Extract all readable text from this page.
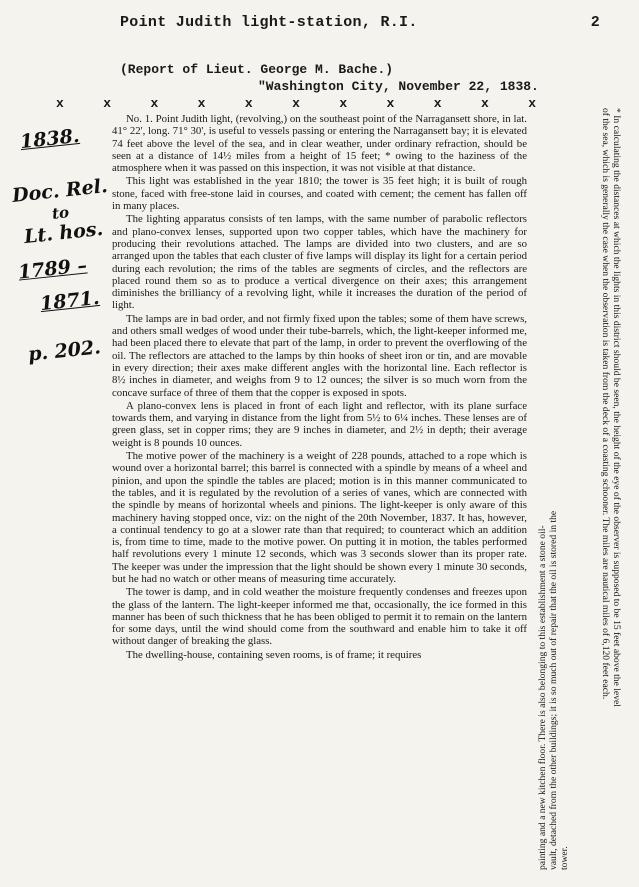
Point Judith light-station, R.I.	2
(Report of Lieut. George M. Bache.)
"Washington City, November 22, 1838.
x	x	x	x	x	x	x	x	x	x	x
1838.
Doc. Rel.
to
Lt. hos.
1789 –
1871.
p. 202.

No. 1. Point Judith light, (revolving,) on the southeast point of the Narragansett shore, in lat. 41° 22', long. 71° 30', is useful to vessels passing or entering the Narragansett bay; it is elevated 74 feet above the level of the sea, and in clear weather, under ordinary refraction, should be seen at a distance of 14½ miles from a height of 15 feet; * owing to the haziness of the atmosphere when it was passed on this inspection, it was not visible at that distance.

This light was established in the year 1810; the tower is 35 feet high; it is built of rough stone, faced with free-stone laid in courses, and coated with cement; the cement has fallen off in many places.

The lighting apparatus consists of ten lamps, with the same number of parabolic reflectors and plano-convex lenses, supported upon two copper tables, which have the machinery for producing their revolutions attached. The lamps are divided into two clusters, and are so arranged upon the tables that each cluster of five lamps will display its light for a certain period during each revolution; the rims of the tables are segments of circles, and the reflectors are placed round them so as to produce a vertical divergence on their axes; this arrangement diminishes the brilliancy of a revolving light, while it increases the duration of the period of light.

The lamps are in bad order, and not firmly fixed upon the tables; some of them have screws, and others small wedges of wood under their tube-barrels, which, the light-keeper informed me, had been placed there to elevate that part of the lamp, in order to prevent the overflowing of the oil. The reflectors are attached to the lamps by thin hooks of sheet iron or tin, and are movable in every direction; their axes make different angles with the horizontal line. Each reflector is 8½ inches in diameter, and weighs from 9 to 12 ounces; the silver is so much worn from the concave surface of three of them that the copper is exposed in spots.

A plano-convex lens is placed in front of each light and reflector, with its plane surface towards them, and varying in distance from the light from 5½ to 6¼ inches. These lenses are of green glass, set in copper rims; they are 9 inches in diameter, and 2½ in depth; their average weight is 8 pounds 10 ounces.

The motive power of the machinery is a weight of 228 pounds, attached to a rope which is wound over a horizontal barrel; this barrel is connected with a spindle by means of a wheel and pinion, and upon the spindle the tables are placed; motion is in this manner communicated to the tables, and it is regulated by the revolution of a series of vanes, which are connected with the spindle by means of horizontal wheels and pinions. The light-keeper is only aware of this machinery having stopped once, viz: on the night of the 20th November, 1837. It has, however, a continual tendency to go at a slower rate than that required; to counteract which an addition is, from time to time, made to the motive power. On putting it in motion, the tables performed half revolutions every 1 minute 12 seconds, which was 3 seconds slower than its proper rate. The keeper was under the impression that the light should be shown every 1 minute 30 seconds, but he had no watch or other means of measuring time accurately.

The tower is damp, and in cold weather the moisture frequently condenses and freezes upon the glass of the lantern. The light-keeper informed me that, occasionally, the ice formed in this manner has been of such thickness that he has been obliged to permit it to remain on the lantern for some days, until the wind should come from the southward and enable him to take it off without danger of breaking the glass.

The dwelling-house, containing seven rooms, is of frame; it requires	* In calculating the distances at which the lights in this district should be seen, the height of the eye of the observer is supposed to be 15 feet above the level of the sea, which is generally the case when the observation is taken from the deck of a coasting schooner. The miles are nautical miles of 6,120 feet each.
painting and a new kitchen floor. There is also belonging to this establishment a stone oil-vault, detached from the other buildings; it is so much out of repair that the oil is stored in the tower.
